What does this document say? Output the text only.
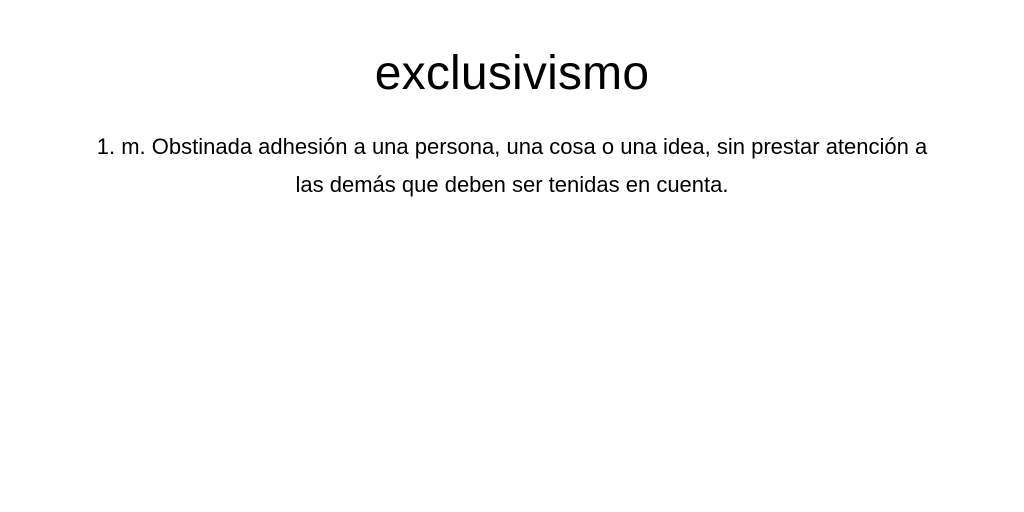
exclusivismo

1. m. Obstinada adhesión a una persona, una cosa o una idea, sin prestar atención a las demás que deben ser tenidas en cuenta.
